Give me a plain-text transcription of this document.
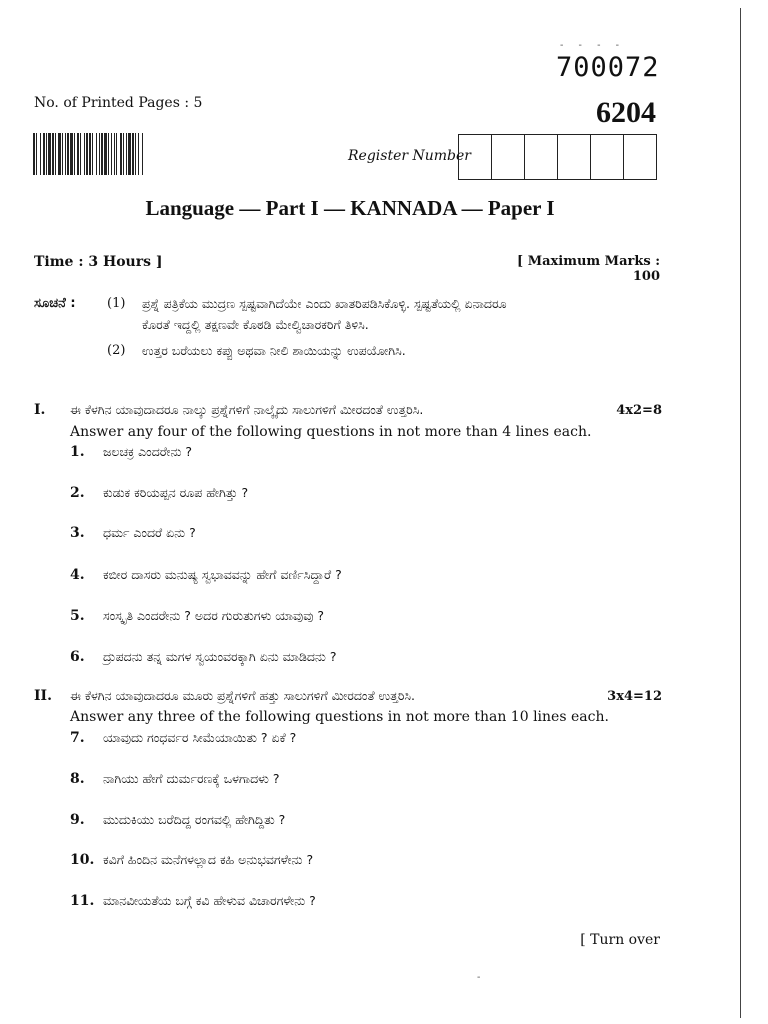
- - - -
700072
No. of Printed Pages : 5	6204
Register Number
Language — Part I — KANNADA — Paper I
Time : 3 Hours ]	[ Maximum Marks : 100
ಸೂಚನೆ : (1) ಪ್ರಶ್ನೆ ಪತ್ರಿಕೆಯ ಮುದ್ರಣ ಸ್ಪಷ್ಟವಾಗಿದೆಯೇ ಎಂದು ಖಾತರಿಪಡಿಸಿಕೊಳ್ಳಿ. ಸ್ಪಷ್ಟತೆಯಲ್ಲಿ ಏನಾದರೂ
ಕೊರತೆ ಇದ್ದಲ್ಲಿ ತಕ್ಷಣವೇ ಕೊಠಡಿ ಮೇಲ್ವಿಚಾರಕರಿಗೆ ತಿಳಿಸಿ.
(2) ಉತ್ತರ ಬರೆಯಲು ಕಪ್ಪು ಅಥವಾ ನೀಲಿ ಶಾಯಿಯನ್ನು ಉಪಯೋಗಿಸಿ.
I. ಈ ಕೆಳಗಿನ ಯಾವುದಾದರೂ ನಾಲ್ಕು ಪ್ರಶ್ನೆಗಳಿಗೆ ನಾಲ್ಕೈದು ಸಾಲುಗಳಿಗೆ ಮೀರದಂತೆ ಉತ್ತರಿಸಿ.	4x2=8
Answer any four of the following questions in not more than 4 lines each.
1.	ಜಲಚಕ್ರ ಎಂದರೇನು ?
2.	ಕುಡುಕ ಕರಿಯಪ್ಪನ ರೂಪ ಹೇಗಿತ್ತು ?
3.	ಧರ್ಮ ಎಂದರೆ ಏನು ?
4.	ಕಬೀರ ದಾಸರು ಮನುಷ್ಯ ಸ್ವಭಾವವನ್ನು ಹೇಗೆ ವರ್ಣಿಸಿದ್ದಾರೆ ?
5.	ಸಂಸ್ಕೃತಿ ಎಂದರೇನು ? ಅದರ ಗುರುತುಗಳು ಯಾವುವು ?
6.	ದ್ರುಪದನು ತನ್ನ ಮಗಳ ಸ್ವಯಂವರಕ್ಕಾಗಿ ಏನು ಮಾಡಿದನು ?
II. ಈ ಕೆಳಗಿನ ಯಾವುದಾದರೂ ಮೂರು ಪ್ರಶ್ನೆಗಳಿಗೆ ಹತ್ತು ಸಾಲುಗಳಿಗೆ ಮೀರದಂತೆ ಉತ್ತರಿಸಿ.	3x4=12
Answer any three of the following questions in not more than 10 lines each.
7.	ಯಾವುದು ಗಂಧರ್ವರ ಸೀಮೆಯಾಯಿತು ? ಏಕೆ ?
8.	ನಾಗಿಯು ಹೇಗೆ ದುರ್ಮರಣಕ್ಕೆ ಒಳಗಾದಳು ?
9.	ಮುದುಕಿಯು ಬರೆದಿದ್ದ ರಂಗವಲ್ಲಿ ಹೇಗಿದ್ದಿತು ?
10. ಕವಿಗೆ ಹಿಂದಿನ ಮನೆಗಳಲ್ಲಾದ ಕಹಿ ಅನುಭವಗಳೇನು ?
11. ಮಾನವೀಯತೆಯ ಬಗ್ಗೆ ಕವಿ ಹೇಳುವ ವಿಚಾರಗಳೇನು ?
[ Turn over
-
